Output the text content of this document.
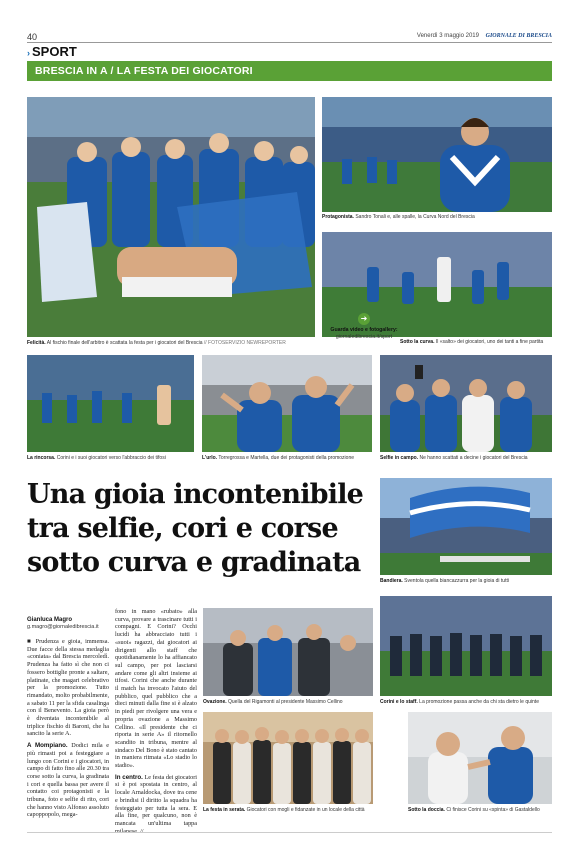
40	Venerdì 3 maggio 2019 GIORNALE DI BRESCIA
› SPORT
BRESCIA IN A / LA FESTA DEI GIOCATORI
Felicità. Al fischio finale dell'arbitro è scattata la festa per i giocatori del Brescia // FOTOSERVIZIO NEWREPORTER
Protagonista. Sandro Tonali e, alle spalle, la Curva Nord del Brescia
Sotto la curva. Il «salto» dei giocatori, uno dei tanti a fine partita
➜
Guarda video e fotogallery:
giornaledibrescia.it/sport
La rincorsa. Corini e i suoi giocatori verso l'abbraccio dei tifosi	L'urlo. Torregrossa e Martella, due dei protagonisti della promozione	Selfie in campo. Ne hanno scattati a decine i giocatori del Brescia
Una gioia incontenibile tra selfie, cori e corse sotto curva e gradinata
Bandiera. Sventola quella biancazzurra per la gioia di tutti
Gianluca Magro
g.magro@giornaledibrescia.it

■ Prudenza e gioia, immensa. Due facce della stessa medaglia «coniata» dal Brescia mercoledì. Prudenza ha fatto sì che non ci fossero bottiglie pronte a saltare, platinate, che magari celebrativo per la promozione. Tutto rimandato, molto probabilmente, a sabato 11 per la sfida casalinga con il Benevento. La gioia però è diventata incontenibile al triplice fischio di Baroni, che ha sancito la serie A.

A Mompiano. Dodici mila e più rimasti poi a festeggiare a lungo con Corini e i giocatori, in campo di fatto fino alle 20.30 tra corse sotto la curva, la gradinata i cori e quella bassa per avere il contatto coi protagonisti e la tribuna, foto e selfie di rito, cori che hanno visto Alfonso assoluto capoppopolo, mega-

fono in mano «rubato» alla curva, provare a trascinare tutti i compagni. E Corini? Occhi lucidi ha abbracciato tutti i «suoi» ragazzi, dai giocatori ai dirigenti allo staff che quotidianamente lo ha affiancato sul campo, per poi lasciarsi andare come gli altri insieme ai tifosi. Corini che anche durante il match ha invocato l'aiuto del pubblico, quel pubblico che a dieci minuti dalla fine si è alzato in piedi per rivolgere una vera e propria ovazione a Massimo Cellino. «Il presidente che ci riporta in serie A» il ritornello scandito in tribuna, mentre al sindaco Del Bono è stato cantato in maniera ritmata «Lo stadio lo stadio».

In centro. Le festa dei giocatori si è poi spostata in centro, al locale Arnaldocka, dove tra cene e brindisi il diritto la squadra ha festeggiato per tutta la sera. E alla fine, per qualcuno, non è mancata un'ultima tappa

Ovazione. Quella del Rigamonti al presidente Massimo Cellino	Corini e lo staff. La promozione passa anche da chi sta dietro le quinte
La festa in serata. Giocatori con mogli e fidanzate in un locale della città	Sotto la doccia. Ci finisce Corini su «spinta» di Gastaldello
